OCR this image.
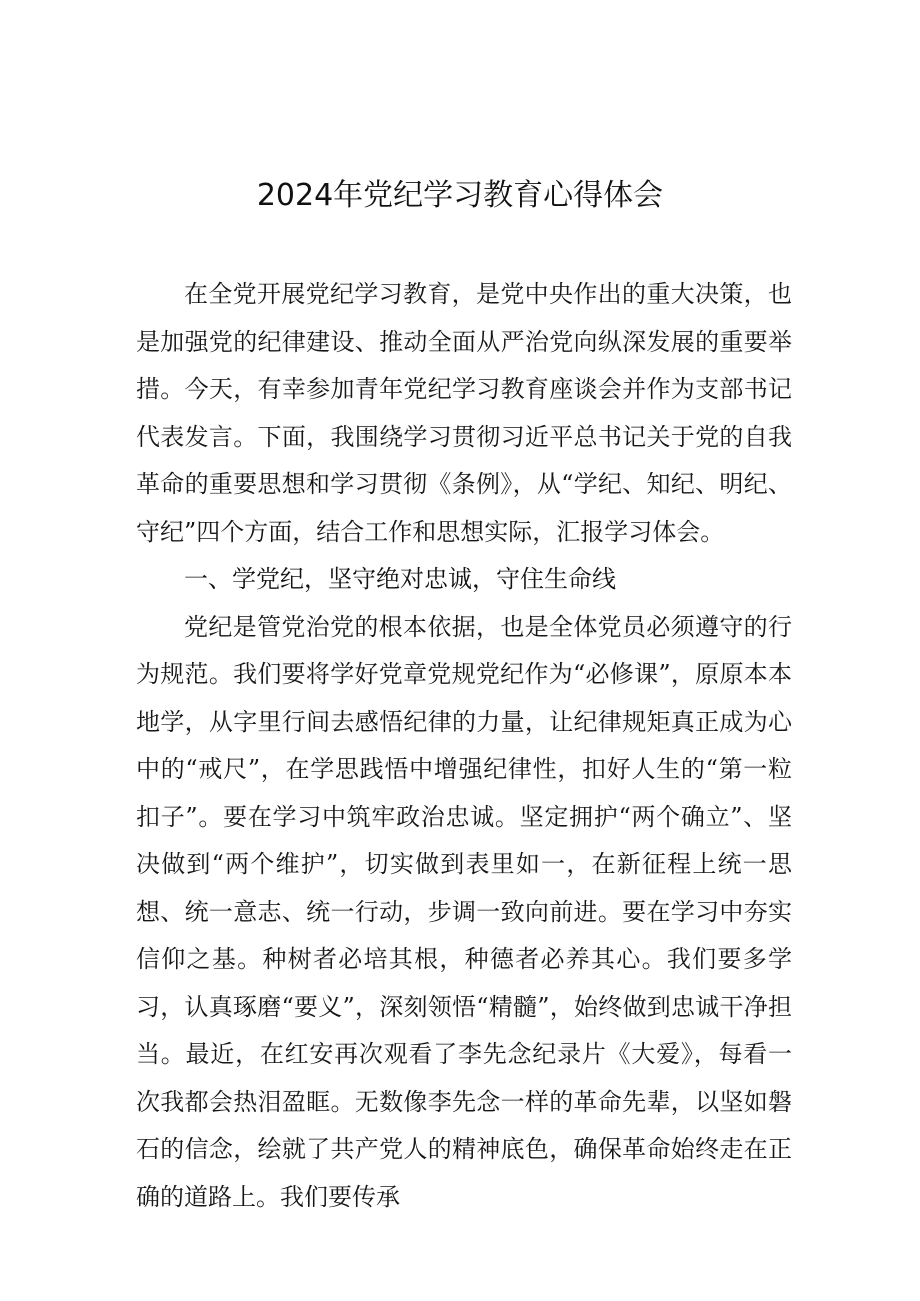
2024年党纪学习教育心得体会

在全党开展党纪学习教育，是党中央作出的重大决策，也是加强党的纪律建设、推动全面从严治党向纵深发展的重要举措。今天，有幸参加青年党纪学习教育座谈会并作为支部书记代表发言。下面，我围绕学习贯彻习近平总书记关于党的自我革命的重要思想和学习贯彻《条例》，从“学纪、知纪、明纪、守纪”四个方面，结合工作和思想实际，汇报学习体会。

一、学党纪，坚守绝对忠诚，守住生命线

党纪是管党治党的根本依据，也是全体党员必须遵守的行为规范。我们要将学好党章党规党纪作为“必修课”，原原本本地学，从字里行间去感悟纪律的力量，让纪律规矩真正成为心中的“戒尺”，在学思践悟中增强纪律性，扣好人生的“第一粒扣子”。要在学习中筑牢政治忠诚。坚定拥护“两个确立”、坚决做到“两个维护”，切实做到表里如一，在新征程上统一思想、统一意志、统一行动，步调一致向前进。要在学习中夯实信仰之基。种树者必培其根，种德者必养其心。我们要多学习，认真琢磨“要义”，深刻领悟“精髓”，始终做到忠诚干净担当。最近，在红安再次观看了李先念纪录片《大爱》，每看一次我都会热泪盈眶。无数像李先念一样的革命先辈，以坚如磐石的信念，绘就了共产党人的精神底色，确保革命始终走在正确的道路上。我们要传承
